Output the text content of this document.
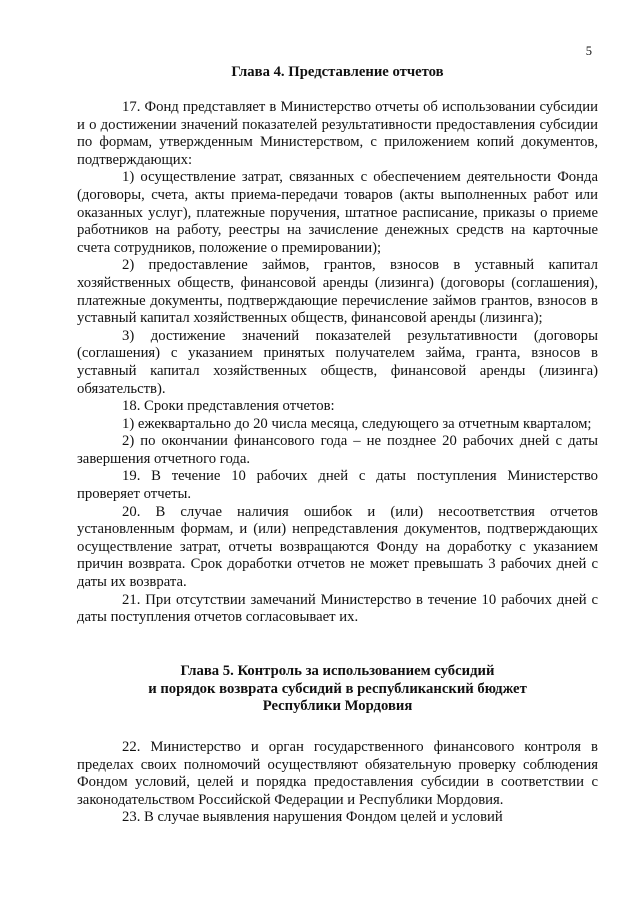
5
Глава 4. Представление отчетов

17. Фонд представляет в Министерство отчеты об использовании субсидии и о достижении значений показателей результативности предоставления субсидии по формам, утвержденным Министерством, с приложением копий документов, подтверждающих:

1) осуществление затрат, связанных с обеспечением деятельности Фонда (договоры, счета, акты приема-передачи товаров (акты выполненных работ или оказанных услуг), платежные поручения, штатное расписание, приказы о приеме работников на работу, реестры на зачисление денежных средств на карточные счета сотрудников, положение о премировании);

2) предоставление займов, грантов, взносов в уставный капитал хозяйственных обществ, финансовой аренды (лизинга) (договоры (соглашения), платежные документы, подтверждающие перечисление займов грантов, взносов в уставный капитал хозяйственных обществ, финансовой аренды (лизинга);

3) достижение значений показателей результативности (договоры (соглашения) с указанием принятых получателем займа, гранта, взносов в уставный капитал хозяйственных обществ, финансовой аренды (лизинга) обязательств).

18. Сроки представления отчетов:

1) ежеквартально до 20 числа месяца, следующего за отчетным кварталом;

2) по окончании финансового года – не позднее 20 рабочих дней с даты завершения отчетного года.

19. В течение 10 рабочих дней с даты поступления Министерство проверяет отчеты.

20. В случае наличия ошибок и (или) несоответствия отчетов установленным формам, и (или) непредставления документов, подтверждающих осуществление затрат, отчеты возвращаются Фонду на доработку с указанием причин возврата. Срок доработки отчетов не может превышать 3 рабочих дней с даты их возврата.

21. При отсутствии замечаний Министерство в течение 10 рабочих дней с даты поступления отчетов согласовывает их.

Глава 5. Контроль за использованием субсидий
и порядок возврата субсидий в республиканский бюджет
Республики Мордовия

22. Министерство и орган государственного финансового контроля в пределах своих полномочий осуществляют обязательную проверку соблюдения Фондом условий, целей и порядка предоставления субсидии в соответствии с законодательством Российской Федерации и Республики Мордовия.

23. В случае выявления нарушения Фондом целей и условий
